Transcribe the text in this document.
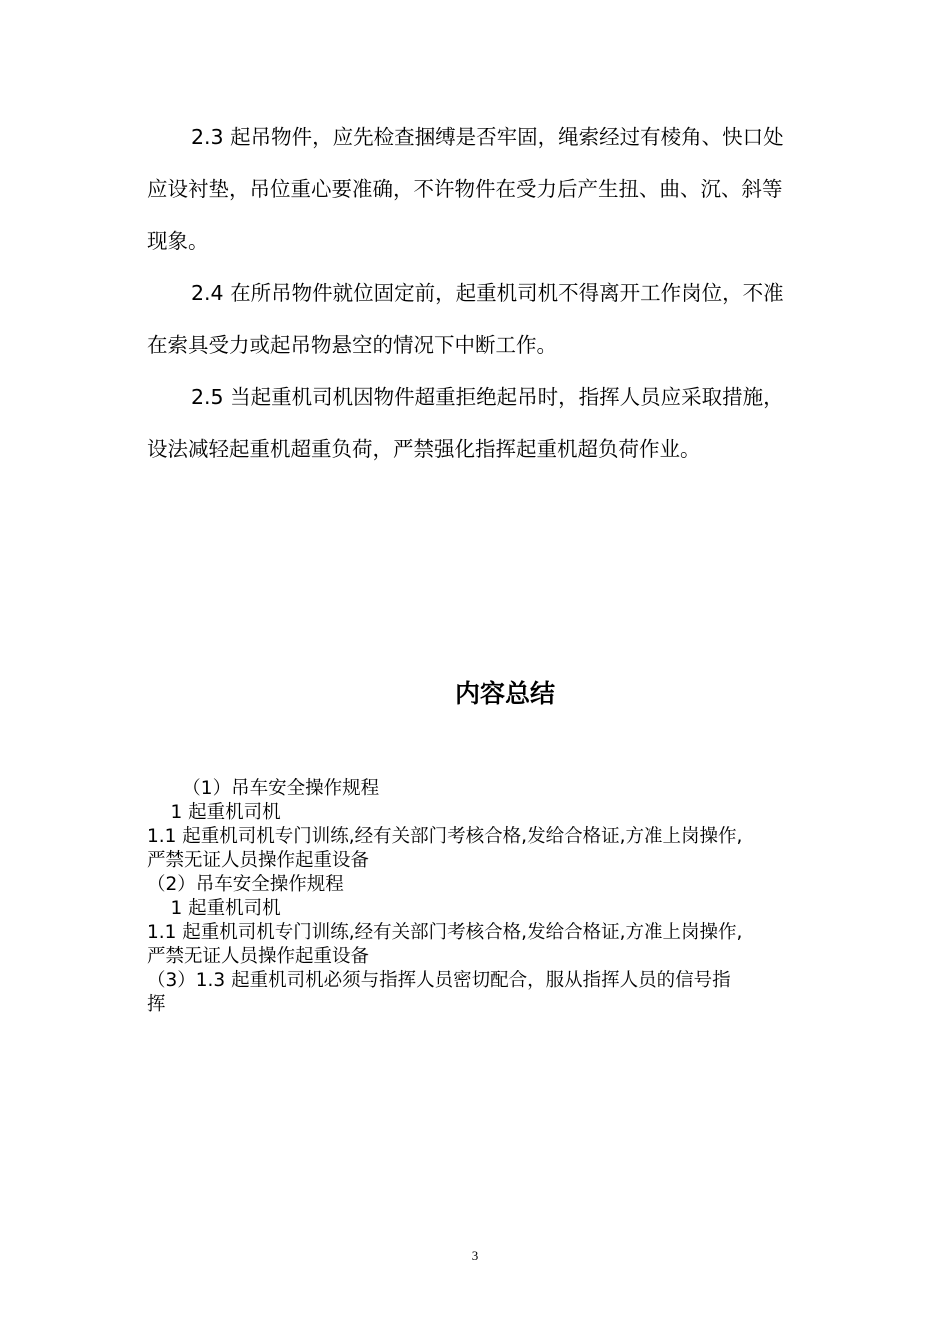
2.3 起吊物件，应先检查捆缚是否牢固，绳索经过有棱角、快口处应设衬垫，吊位重心要准确，不许物件在受力后产生扭、曲、沉、斜等现象。

2.4 在所吊物件就位固定前，起重机司机不得离开工作岗位，不准在索具受力或起吊物悬空的情况下中断工作。

2.5 当起重机司机因物件超重拒绝起吊时，指挥人员应采取措施，设法减轻起重机超重负荷，严禁强化指挥起重机超负荷作业。

内容总结
（1）吊车安全操作规程
1 起重机司机
1.1 起重机司机专门训练,经有关部门考核合格,发给合格证,方准上岗操作,
严禁无证人员操作起重设备
（2）吊车安全操作规程
1 起重机司机
1.1 起重机司机专门训练,经有关部门考核合格,发给合格证,方准上岗操作,
严禁无证人员操作起重设备
（3）1.3 起重机司机必须与指挥人员密切配合，服从指挥人员的信号指
挥
3
